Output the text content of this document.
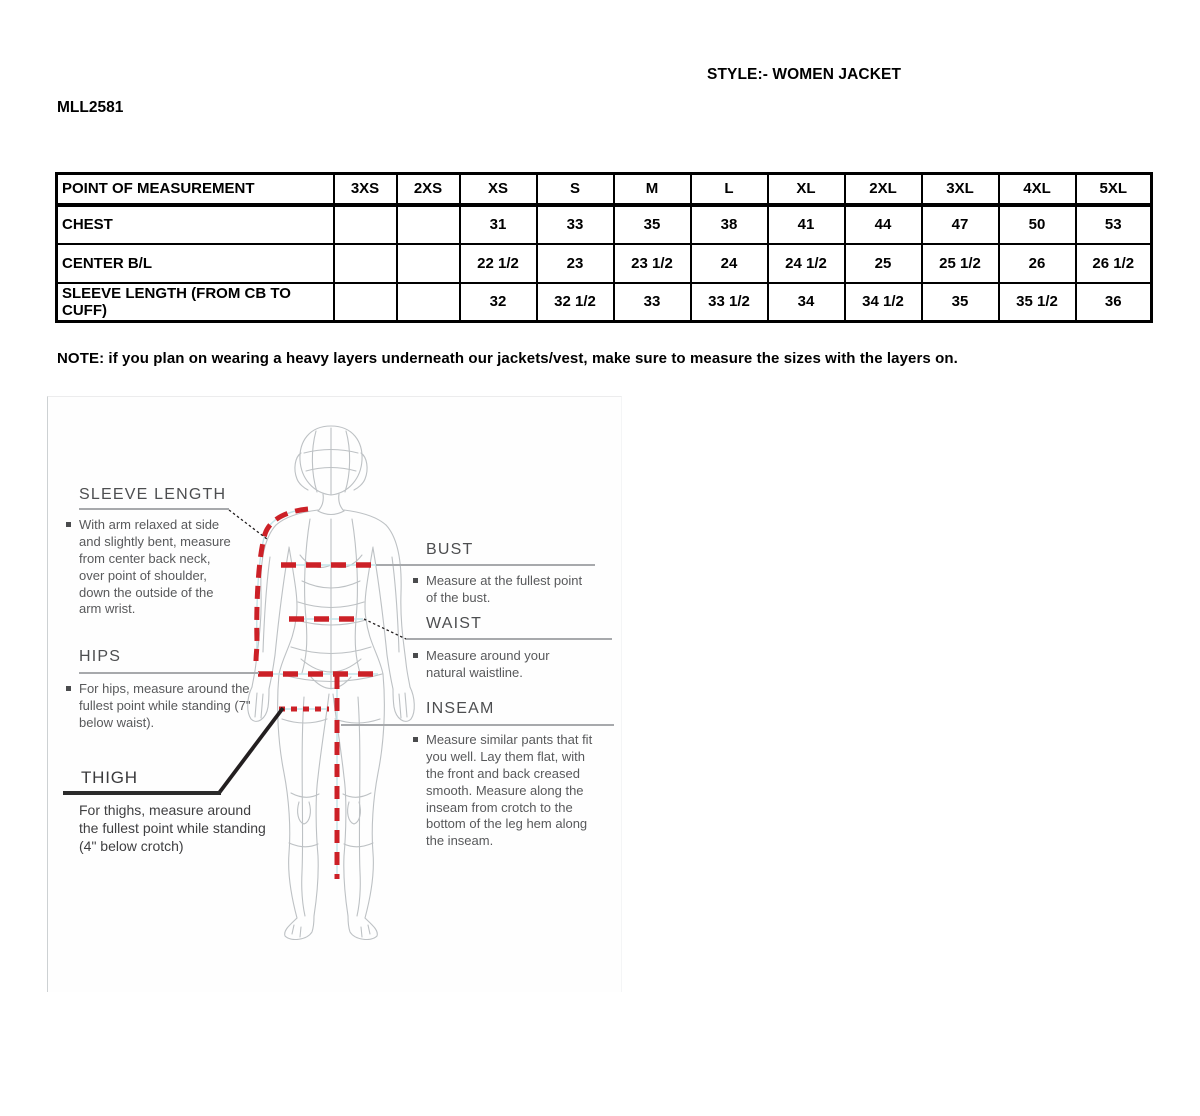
STYLE:- WOMEN JACKET
MLL2581
POINT OF MEASUREMENT	3XS	2XS	XS	S	M	L	XL	2XL	3XL	4XL	5XL
CHEST			31	33	35	38	41	44	47	50	53
CENTER B/L			22 1/2	23	23 1/2	24	24 1/2	25	25 1/2	26	26 1/2
SLEEVE LENGTH (FROM CB TO CUFF)			32	32 1/2	33	33 1/2	34	34 1/2	35	35 1/2	36
NOTE: if you plan on wearing a heavy layers underneath our jackets/vest, make sure to measure the sizes with the layers on.
SLEEVE LENGTH
With arm relaxed at side and slightly bent, measure from center back neck, over point of shoulder, down the outside of the arm wrist.
HIPS
For hips, measure around the fullest point while standing (7" below waist).
THIGH
For thighs, measure around the fullest point while standing (4" below crotch)
BUST
Measure at the fullest point of the bust.
WAIST
Measure around your natural waistline.
INSEAM
Measure similar pants that fit you well. Lay them flat, with the front and back creased smooth. Measure along the inseam from crotch to the bottom of the leg hem along the inseam.
